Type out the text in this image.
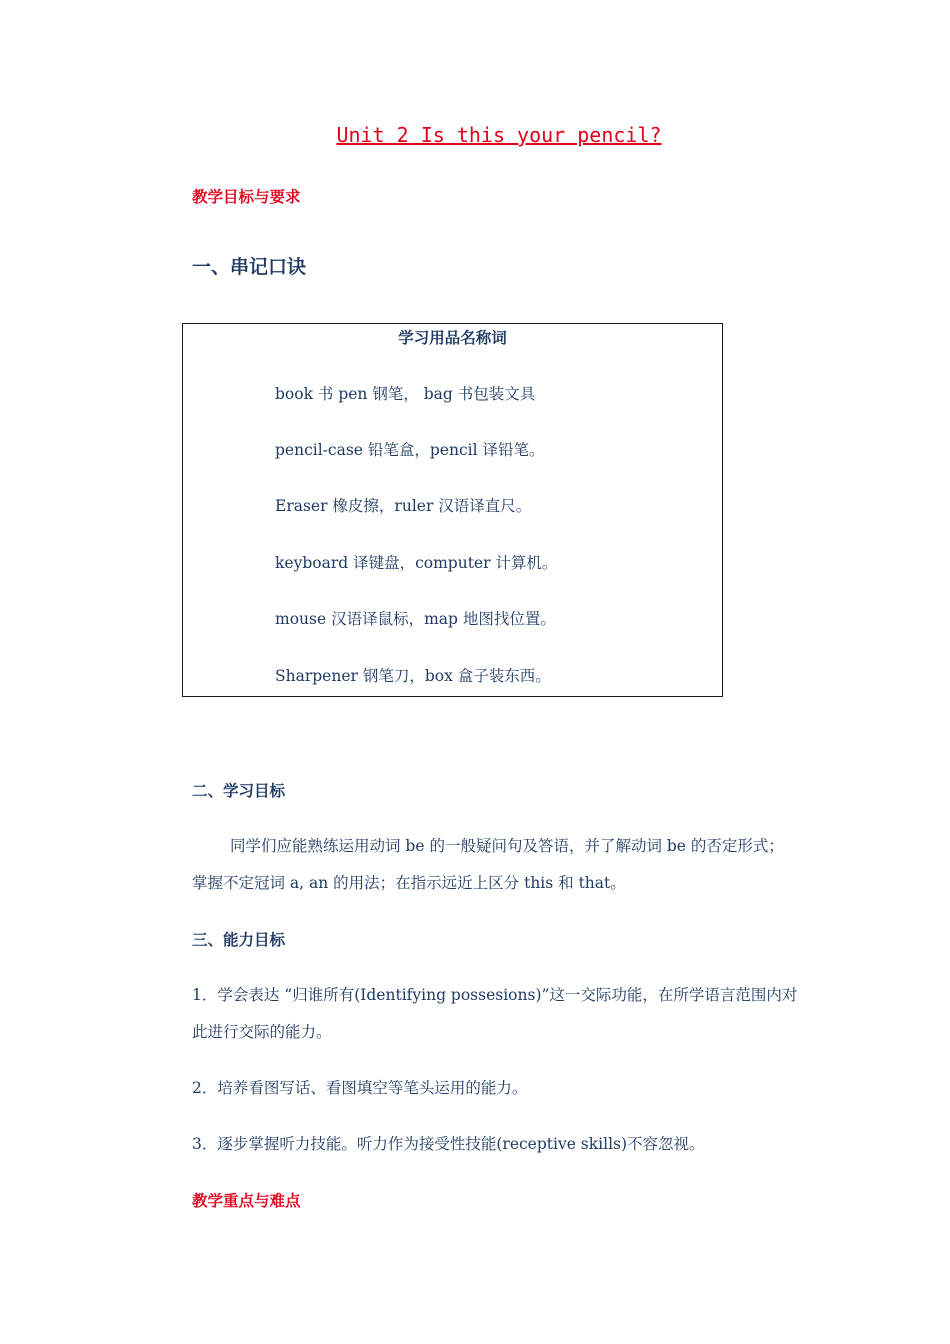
Unit 2 Is this your pencil?
教学目标与要求
一、串记口诀
学习用品名称词
book 书 pen 钢笔， bag 书包装文具
pencil-case 铅笔盒，pencil 译铅笔。
Eraser 橡皮擦，ruler 汉语译直尺。
keyboard 译键盘，computer 计算机。
mouse 汉语译鼠标，map 地图找位置。
Sharpener 钢笔刀，box 盒子装东西。
二、学习目标
同学们应能熟练运用动词 be 的一般疑问句及答语，并了解动词 be 的否定形式；
掌握不定冠词 a, an 的用法；在指示远近上区分 this 和 that。
三、能力目标
1．学会表达 “归谁所有(Identifying possesions)”这一交际功能，在所学语言范围内对
此进行交际的能力。
2．培养看图写话、看图填空等笔头运用的能力。
3．逐步掌握听力技能。听力作为接受性技能(receptive skills)不容忽视。
教学重点与难点
